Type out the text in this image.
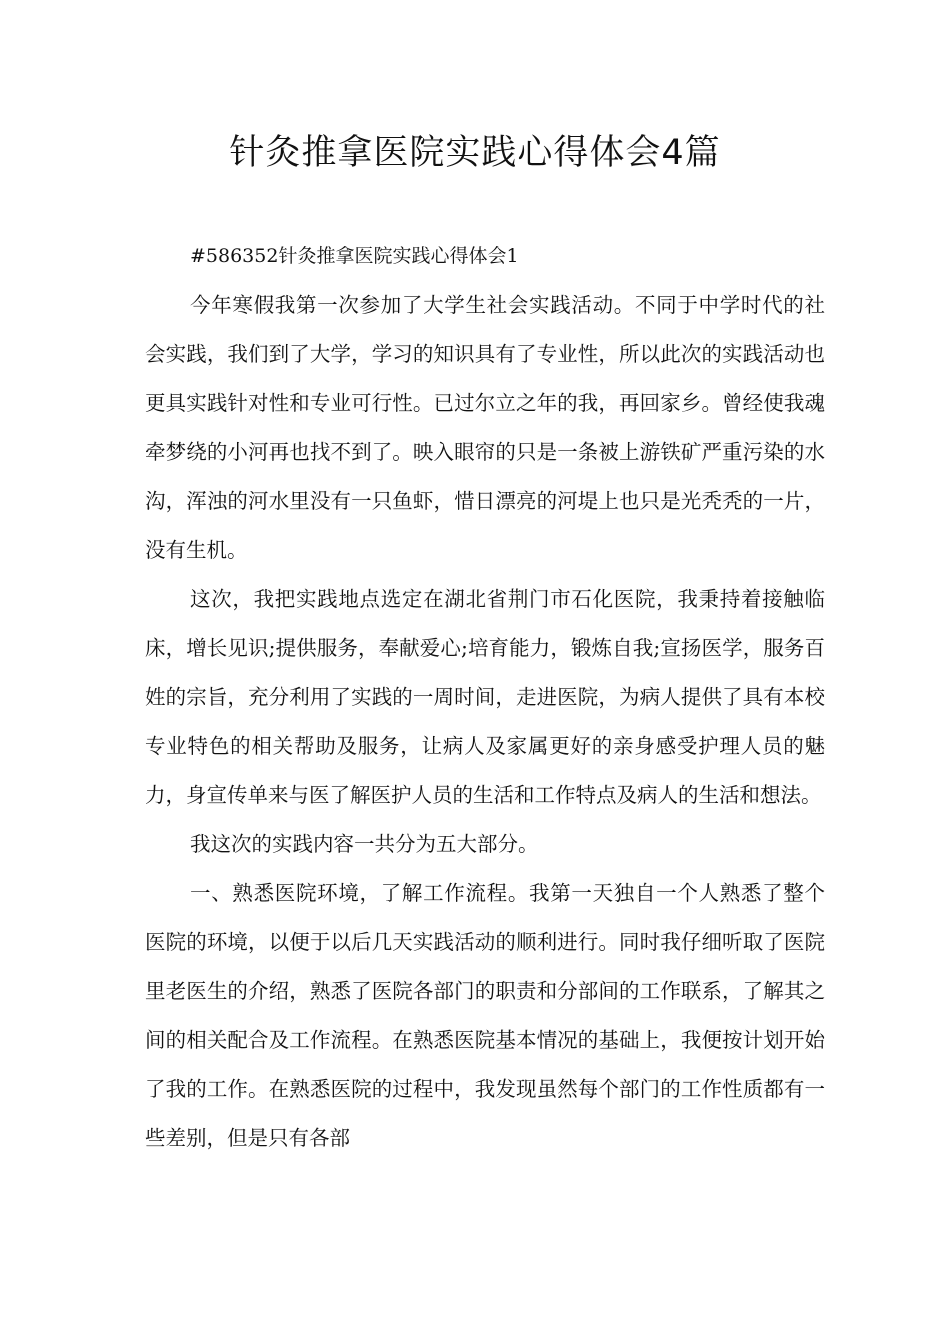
针灸推拿医院实践心得体会4篇

#586352针灸推拿医院实践心得体会1

今年寒假我第一次参加了大学生社会实践活动。不同于中学时代的社会实践，我们到了大学，学习的知识具有了专业性，所以此次的实践活动也更具实践针对性和专业可行性。已过尔立之年的我，再回家乡。曾经使我魂牵梦绕的小河再也找不到了。映入眼帘的只是一条被上游铁矿严重污染的水沟，浑浊的河水里没有一只鱼虾，惜日漂亮的河堤上也只是光秃秃的一片，没有生机。

这次，我把实践地点选定在湖北省荆门市石化医院，我秉持着接触临床，增长见识;提供服务，奉献爱心;培育能力，锻炼自我;宣扬医学，服务百姓的宗旨，充分利用了实践的一周时间，走进医院，为病人提供了具有本校专业特色的相关帮助及服务，让病人及家属更好的亲身感受护理人员的魅力，身宣传单来与医了解医护人员的生活和工作特点及病人的生活和想法。

我这次的实践内容一共分为五大部分。

一、熟悉医院环境，了解工作流程。我第一天独自一个人熟悉了整个医院的环境，以便于以后几天实践活动的顺利进行。同时我仔细听取了医院里老医生的介绍，熟悉了医院各部门的职责和分部间的工作联系，了解其之间的相关配合及工作流程。在熟悉医院基本情况的基础上，我便按计划开始了我的工作。在熟悉医院的过程中，我发现虽然每个部门的工作性质都有一些差别，但是只有各部
